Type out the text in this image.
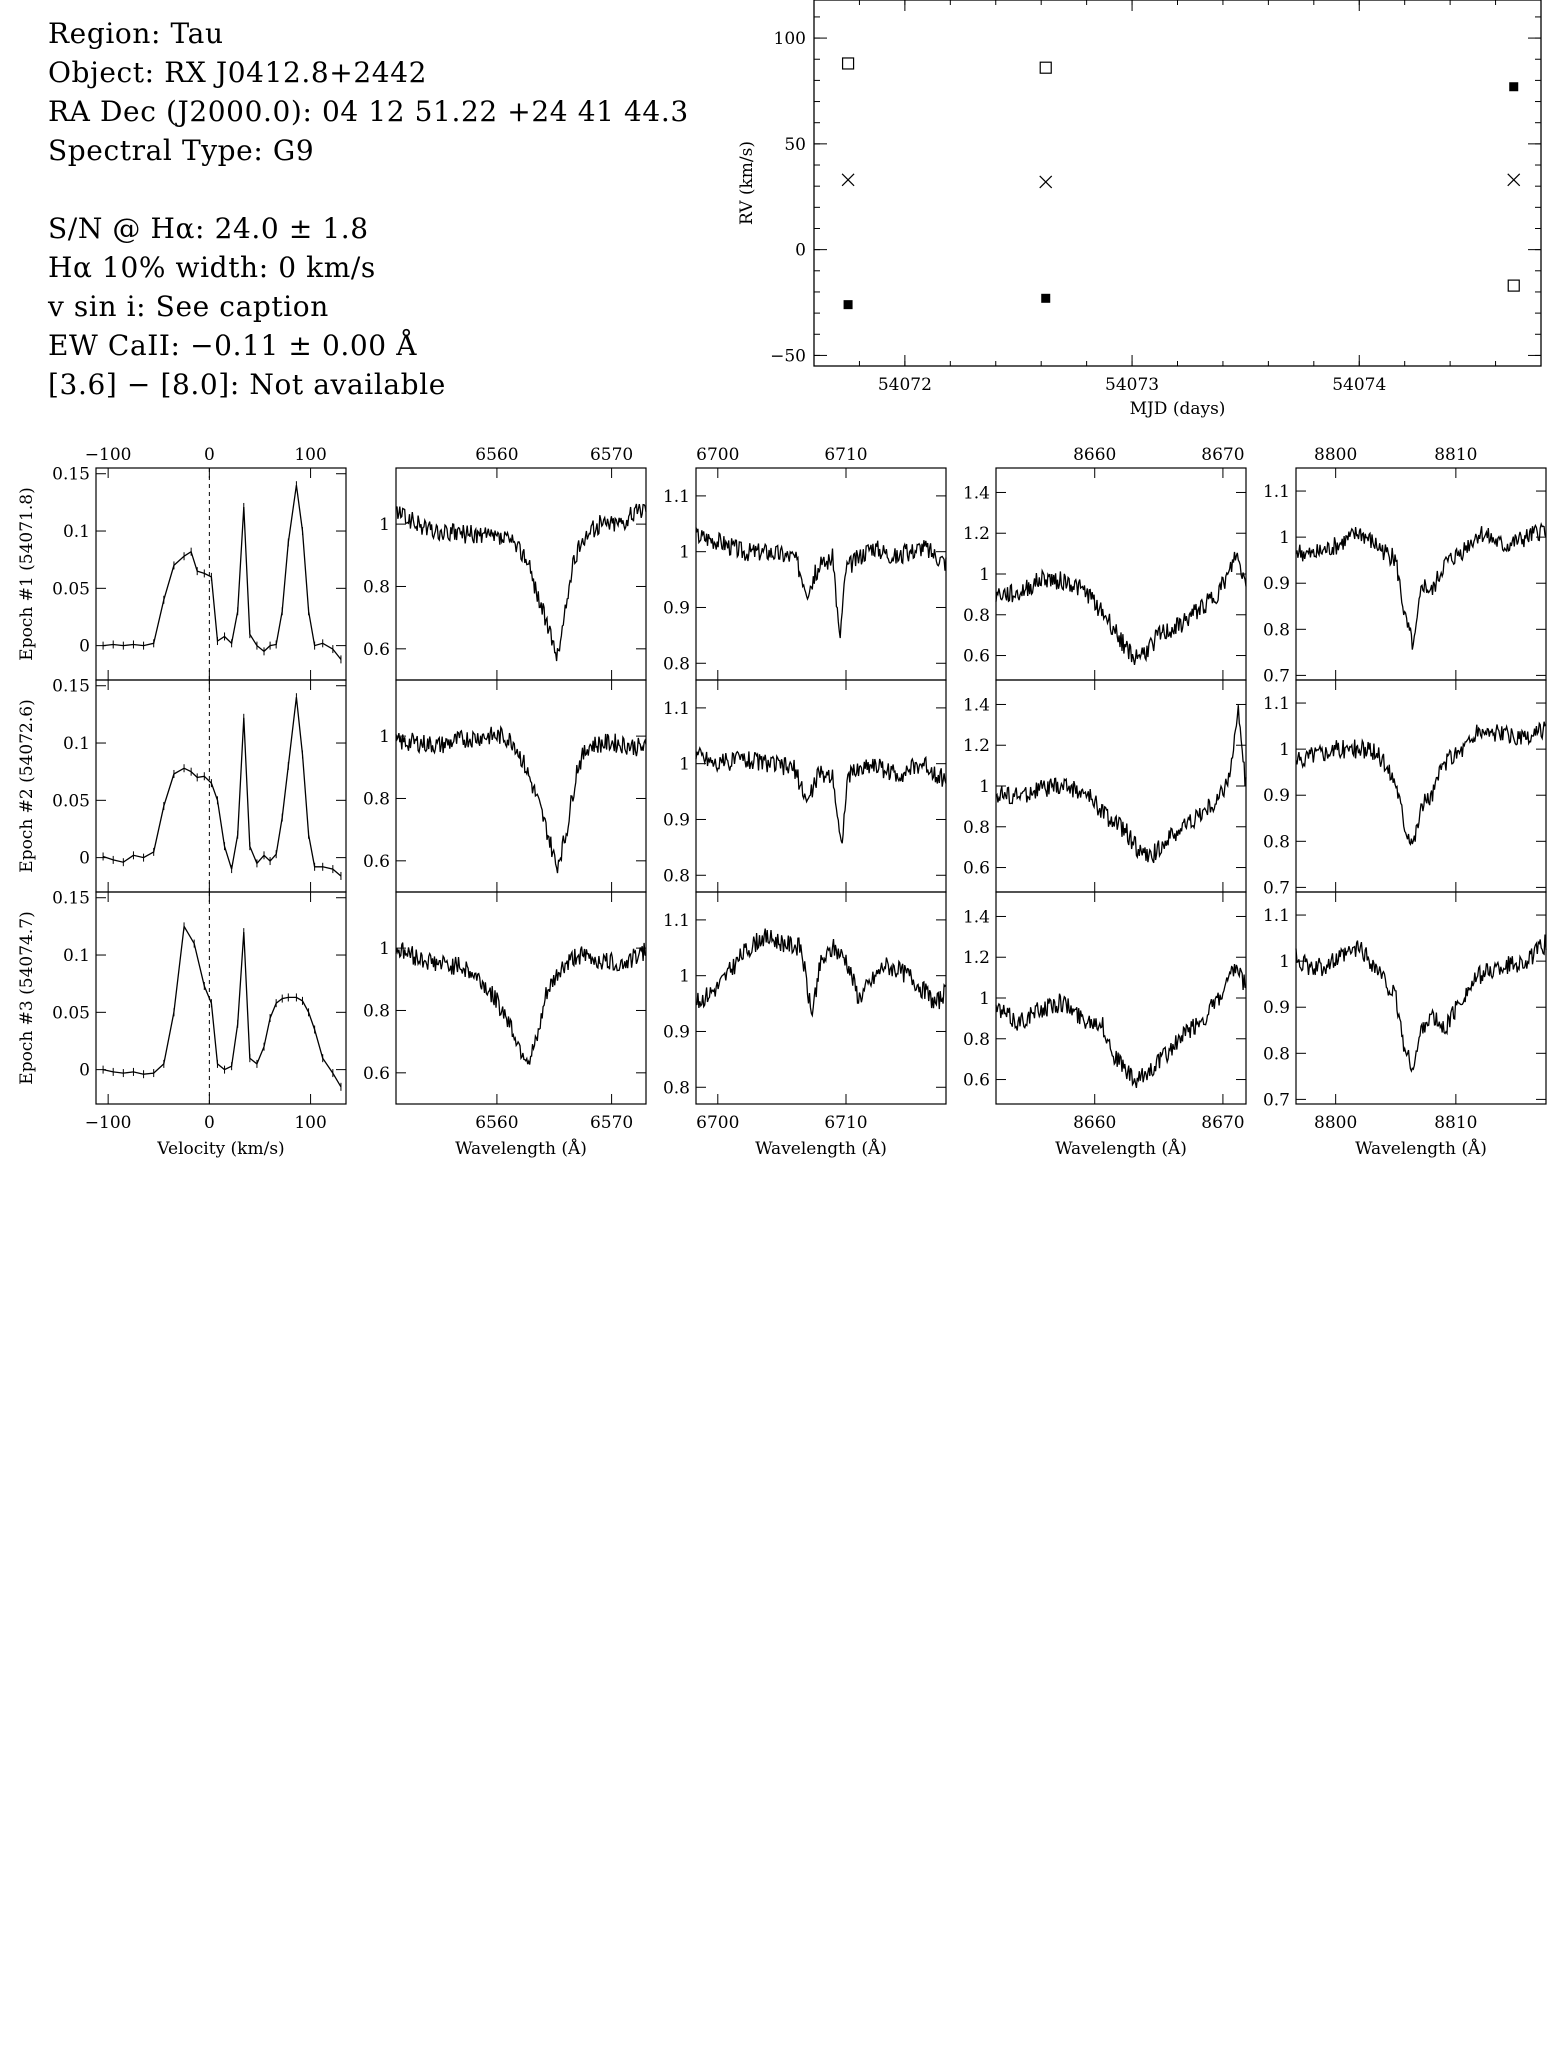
Region: Tau
Object: RX J0412.8+2442
RA Dec (J2000.0): 04 12 51.22 +24 41 44.3
Spectral Type: G9
S/N @ Hα: 24.0 ± 1.8
Hα 10% width: 0 km/s
v sin i: See caption
EW CaII: −0.11 ± 0.00 Å
[3.6] − [8.0]: Not available	54072	54073	54074
−50
0
50
100
MJD (days)
RV (km/s)
−100
−100
0
0
100
100
Velocity (km/s)
0
0.05
0.1
0.15
Epoch #1 (54071.8)
0
0.05
0.1
0.15
Epoch #2 (54072.6)
0
0.05
0.1
0.15
Epoch #3 (54074.7)
6560
6560
6570
6570
Wavelength (Å)
0.6
0.8
1
0.6
0.8
1
0.6
0.8
1
6700
6700
6710
6710
Wavelength (Å)
0.8
0.9
1
1.1
0.8
0.9
1
1.1
0.8
0.9
1
1.1
8660
8660
8670
8670
Wavelength (Å)
0.6
0.8
1
1.2
1.4
0.6
0.8
1
1.2
1.4
0.6
0.8
1
1.2
1.4
8800
8800
8810
8810
Wavelength (Å)
0.7
0.8
0.9
1
1.1
0.7
0.8
0.9
1
1.1
0.7
0.8
0.9
1
1.1
